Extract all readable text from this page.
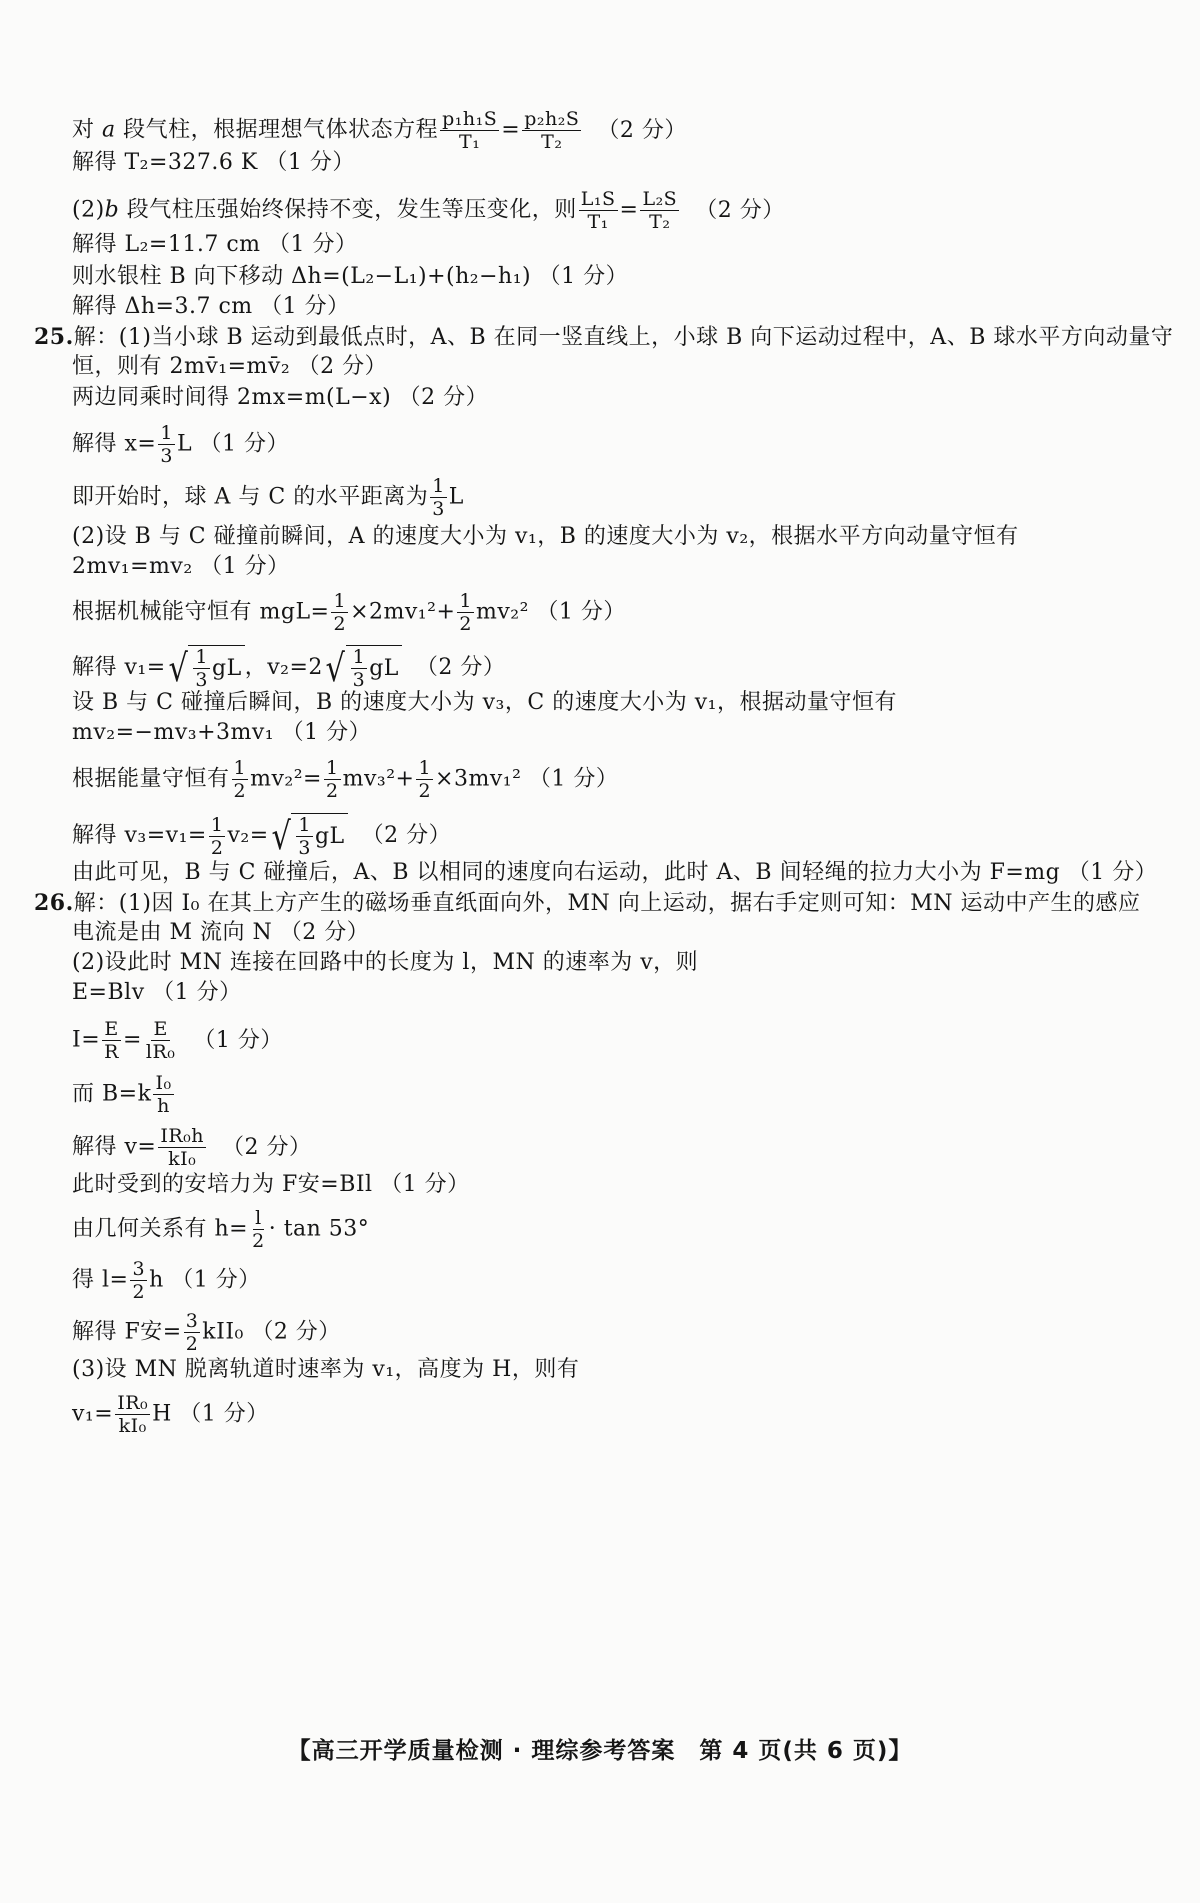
对 a 段气柱，根据理想气体状态方程 $\frac{\text{p₁h₁S}}{\text{T₁}} = \frac{\text{p₂h₂S}}{\text{T₂}} (2$ 分）
解得 T₂=327.6 K （1 分）
(2)b 段气柱压强始终保持不变，发生等压变化，则 $\frac{\text{L₁S}}{\text{T₁}} = \frac{\text{L₂S}}{\text{T₂}} (2$ 分）
解得 L₂=11.7 cm （1 分）
则水银柱 B 向下移动 Δh=(L₂−L₁)+(h₂−h₁) （1 分）
解得 Δh=3.7 cm （1 分）
25.解：(1)当小球 B 运动到最低点时，A、B 在同一竖直线上，小球 B 向下运动过程中，A、B 球水平方向动量守
恒，则有 2mv̄₁=mv̄₂ （2 分）
两边同乘时间得 2mx=m(L−x) （2 分）
解得 $x= \frac{1}{3}$ L （1 分）
即开始时，球 A 与 C 的水平距离为 $\frac{1}{3}$ L
(2)设 B 与 C 碰撞前瞬间，A 的速度大小为 v₁，B 的速度大小为 v₂，根据水平方向动量守恒有
2mv₁=mv₂ （1 分）
根据机械能守恒有 $mgL= \frac{1}{2} \times 2mv_1^2+ \frac{1}{2} mv_2^2$ （1 分）
解得 v₁= √ $\frac{1}{3}$ gL ，v₂=2 √ $\frac{1}{3}$ gL （2 分）
设 B 与 C 碰撞后瞬间，B 的速度大小为 v₃，C 的速度大小为 v₁，根据动量守恒有
mv₂=−mv₃+3mv₁ （1 分）
根据能量守恒有 $\frac{1}{2} mv_2^2= \frac{1}{2} mv_3^2+ \frac{1}{2} \times 3mv_1^2$ （1 分）
解得 $v_3=v_1= \frac{1}{2} v_2=$ √ $\frac{1}{3}$ gL （2 分）
由此可见，B 与 C 碰撞后，A、B 以相同的速度向右运动，此时 A、B 间轻绳的拉力大小为 F=mg （1 分）
26.解：(1)因 I₀ 在其上方产生的磁场垂直纸面向外，MN 向上运动，据右手定则可知：MN 运动中产生的感应
电流是由 M 流向 N （2 分）
(2)设此时 MN 连接在回路中的长度为 l，MN 的速率为 v，则
E=Blv （1 分）
$I= \frac{E}{R} = \frac{E}{\text{lR₀}} (1$ 分）
而 $B=k \frac{\text{I₀}}{h}$
解得 $v= \frac{\text{IR₀h}}{\text{kI₀}} (2$ 分）
此时受到的安培力为 F安=BIl （1 分）
由几何关系有 $h= \frac{l}{2} \cdot \tan 53^\circ$
得 $l= \frac{3}{2}$ h （1 分）
解得 F安= $\frac{3}{2} kII_0$ （2 分）
(3)设 MN 脱离轨道时速率为 v₁，高度为 H，则有
$v_1= \frac{\text{IR₀}}{\text{kI₀}}$ H （1 分）
【高三开学质量检测 · 理综参考答案　第 4 页(共 6 页)】
